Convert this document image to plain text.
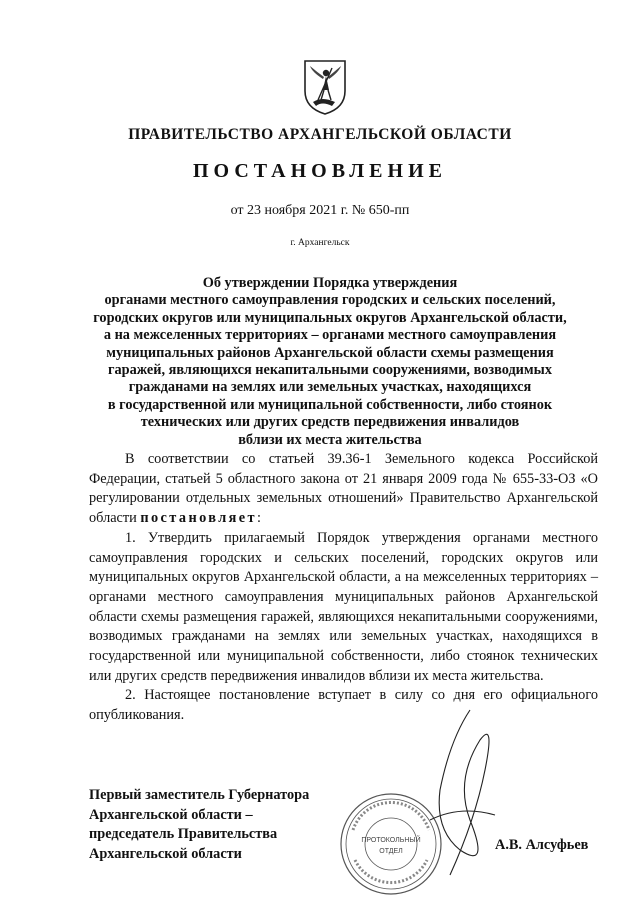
ПРАВИТЕЛЬСТВО АРХАНГЕЛЬСКОЙ ОБЛАСТИ
ПОСТАНОВЛЕНИЕ
от 23 ноября 2021 г. № 650-пп
г. Архангельск
Об утверждении Порядка утверждения
органами местного самоуправления городских и сельских поселений,
городских округов или муниципальных округов Архангельской области,
а на межселенных территориях – органами местного самоуправления
муниципальных районов Архангельской области схемы размещения
гаражей, являющихся некапитальными сооружениями, возводимых
гражданами на землях или земельных участках, находящихся
в государственной или муниципальной собственности, либо стоянок
технических или других средств передвижения инвалидов
вблизи их места жительства

В соответствии со статьей 39.36-1 Земельного кодекса Российской Федерации, статьей 5 областного закона от 21 января 2009 года № 655-33-ОЗ «О регулировании отдельных земельных отношений» Правительство Архангельской области постановляет:

1. Утвердить прилагаемый Порядок утверждения органами местного самоуправления городских и сельских поселений, городских округов или муниципальных округов Архангельской области, а на межселенных территориях – органами местного самоуправления муниципальных районов Архангельской области схемы размещения гаражей, являющихся некапитальными сооружениями, возводимых гражданами на землях или земельных участках, находящихся в государственной или муниципальной собственности, либо стоянок технических или других средств передвижения инвалидов вблизи их места жительства.

2. Настоящее постановление вступает в силу со дня его официального опубликования.

Первый заместитель Губернатора
Архангельской области –
председатель Правительства
Архангельской области
А.В. Алсуфьев
ПРОТОКОЛЬНЫЙ
ОТДЕЛ
